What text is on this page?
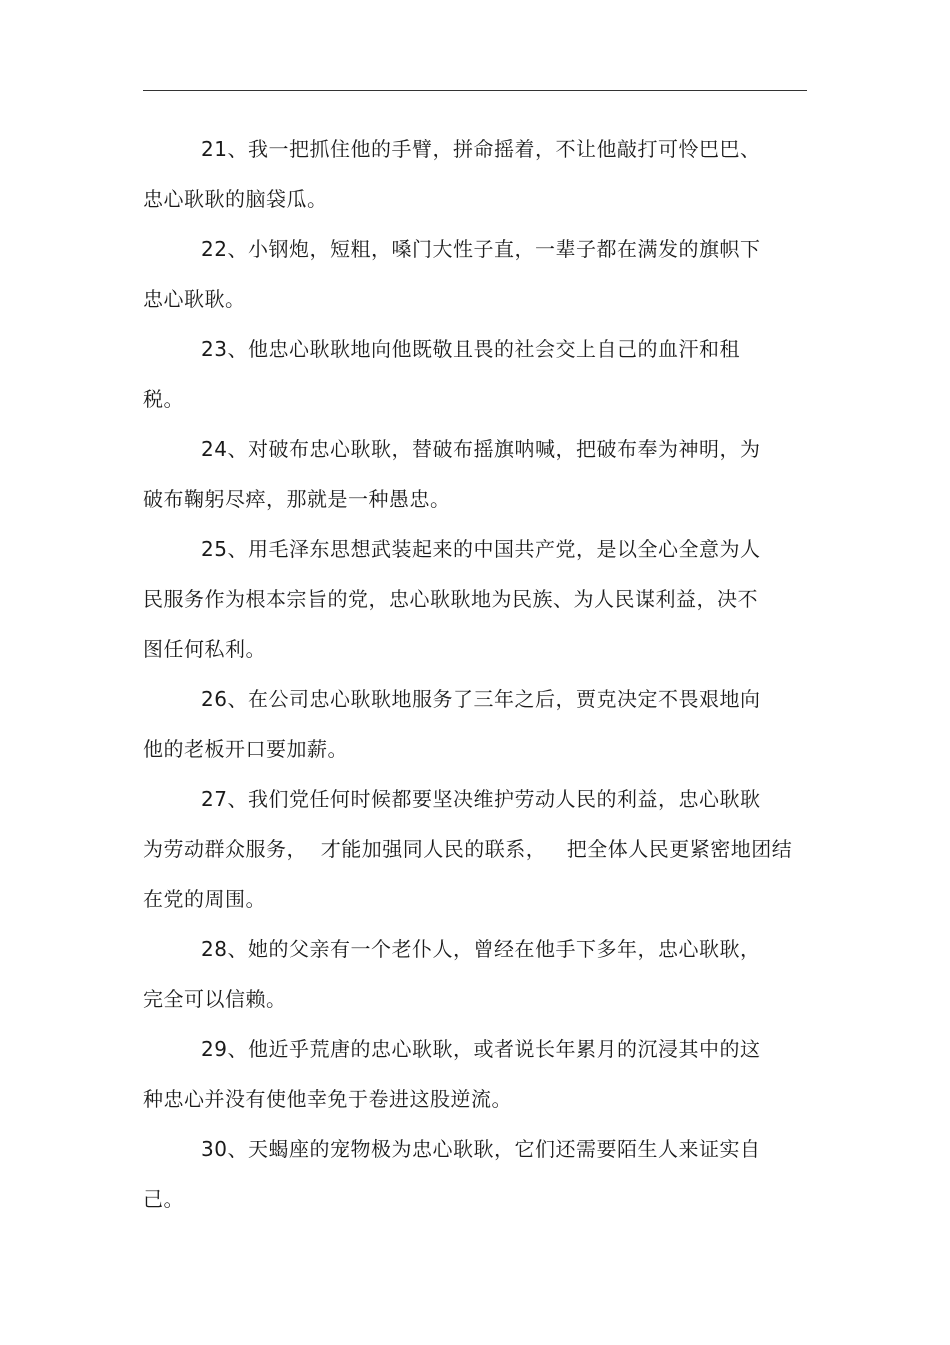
21、我一把抓住他的手臂，拼命摇着，不让他敲打可怜巴巴、
忠心耿耿的脑袋瓜。

22、小钢炮，短粗，嗓门大性子直，一辈子都在满发的旗帜下
忠心耿耿。

23、他忠心耿耿地向他既敬且畏的社会交上自己的血汗和租
税。

24、对破布忠心耿耿，替破布摇旗呐喊，把破布奉为神明，为
破布鞠躬尽瘁，那就是一种愚忠。

25、用毛泽东思想武装起来的中国共产党，是以全心全意为人
民服务作为根本宗旨的党，忠心耿耿地为民族、为人民谋利益，决不
图任何私利。

26、在公司忠心耿耿地服务了三年之后，贾克决定不畏艰地向
他的老板开口要加薪。

27、我们党任何时候都要坚决维护劳动人民的利益，忠心耿耿
为劳动群众服务，  才能加强同人民的联系，   把全体人民更紧密地团结
在党的周围。

28、她的父亲有一个老仆人，曾经在他手下多年，忠心耿耿，
完全可以信赖。

29、他近乎荒唐的忠心耿耿，或者说长年累月的沉浸其中的这
种忠心并没有使他幸免于卷进这股逆流。

30、天蝎座的宠物极为忠心耿耿，它们还需要陌生人来证实自
己。
